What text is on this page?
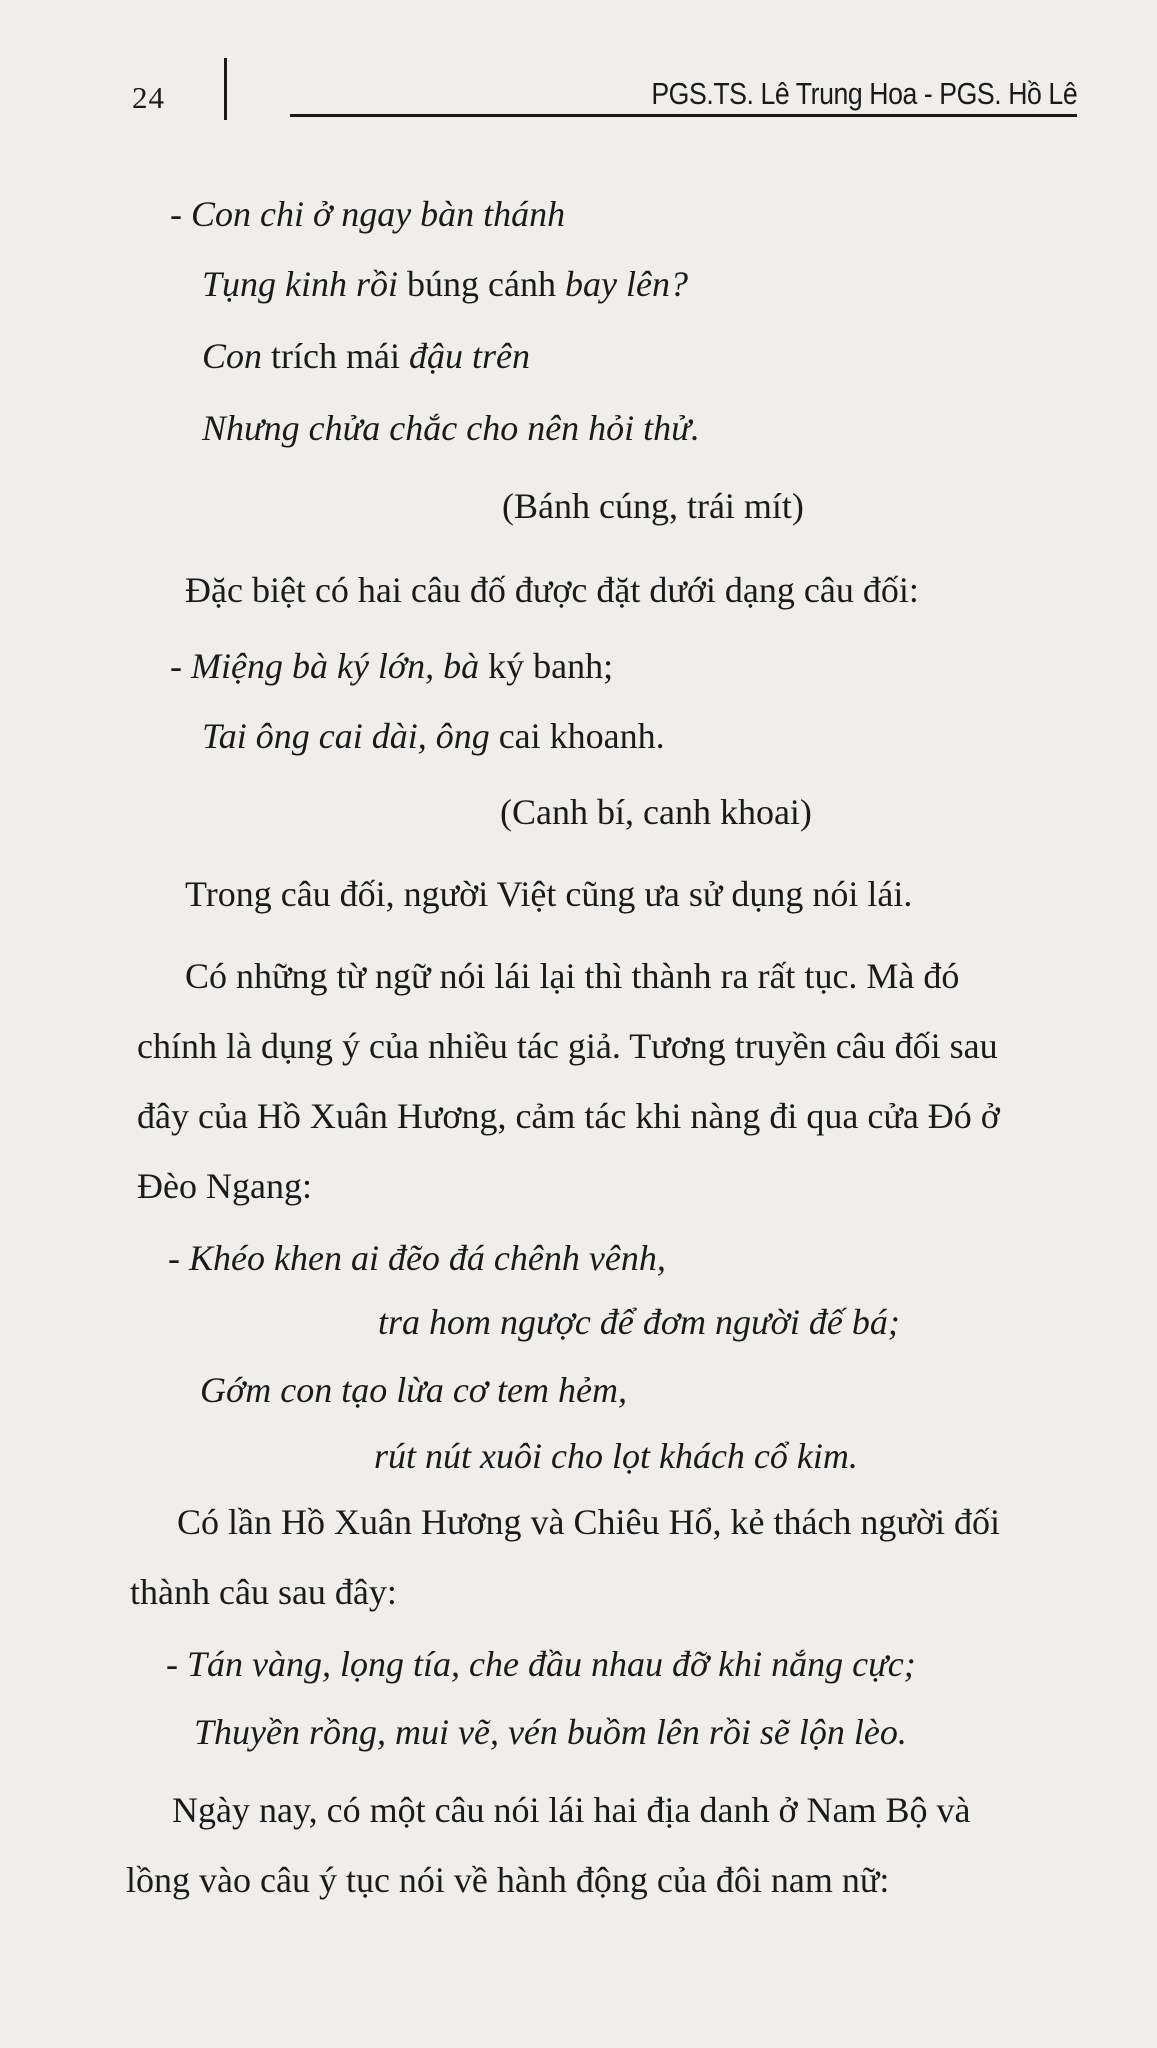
24	PGS.TS. Lê Trung Hoa - PGS. Hồ Lê
- Con chi ở ngay bàn thánh
Tụng kinh rồi búng cánh bay lên?
Con trích mái đậu trên
Nhưng chửa chắc cho nên hỏi thử.
(Bánh cúng, trái mít)
Đặc biệt có hai câu đố được đặt dưới dạng câu đối:
- Miệng bà ký lớn, bà ký banh;
Tai ông cai dài, ông cai khoanh.
(Canh bí, canh khoai)
Trong câu đối, người Việt cũng ưa sử dụng nói lái.
Có những từ ngữ nói lái lại thì thành ra rất tục. Mà đó
chính là dụng ý của nhiều tác giả. Tương truyền câu đối sau
đây của Hồ Xuân Hương, cảm tác khi nàng đi qua cửa Đó ở
Đèo Ngang:
- Khéo khen ai đẽo đá chênh vênh,
tra hom ngược để đơm người đế bá;
Gớm con tạo lừa cơ tem hẻm,
rút nút xuôi cho lọt khách cổ kim.
Có lần Hồ Xuân Hương và Chiêu Hổ, kẻ thách người đối
thành câu sau đây:
- Tán vàng, lọng tía, che đầu nhau đỡ khi nắng cực;
Thuyền rồng, mui vẽ, vén buồm lên rồi sẽ lộn lèo.
Ngày nay, có một câu nói lái hai địa danh ở Nam Bộ và
lồng vào câu ý tục nói về hành động của đôi nam nữ:
